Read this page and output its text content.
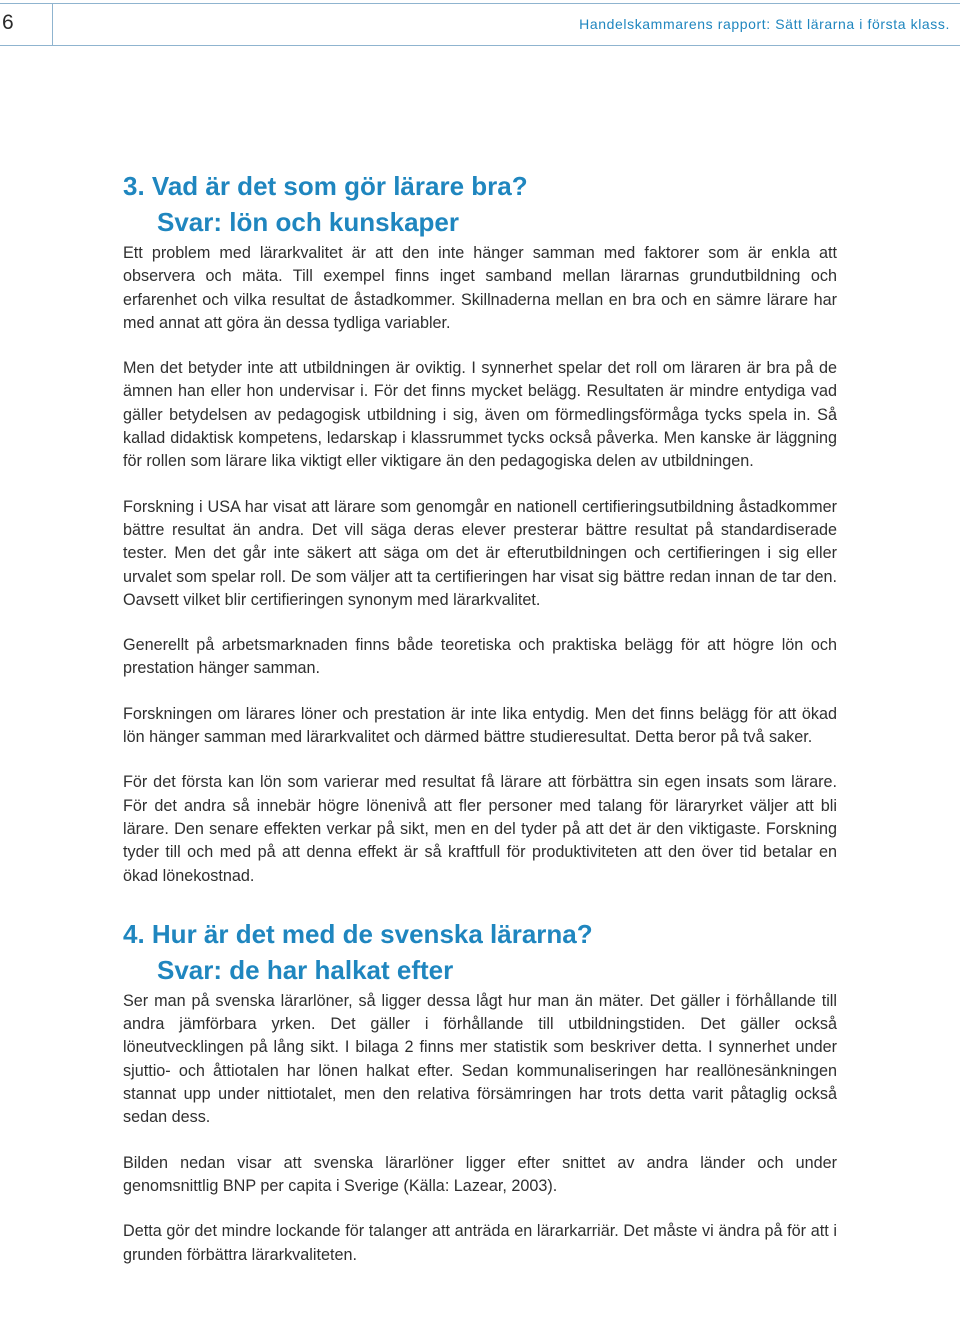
6	Handelskammarens rapport: Sätt lärarna i första klass.
3. Vad är det som gör lärare bra?
Svar: lön och kunskaper

Ett problem med lärarkvalitet är att den inte hänger samman med faktorer som är enkla att observera och mäta. Till exempel finns inget samband mellan lärarnas grundutbildning och erfarenhet och vilka resultat de åstadkommer. Skillnaderna mellan en bra och en sämre lärare har med annat att göra än dessa tydliga variabler.

Men det betyder inte att utbildningen är oviktig. I synnerhet spelar det roll om läraren är bra på de ämnen han eller hon undervisar i. För det finns mycket belägg. Resultaten är mindre entydiga vad gäller betydelsen av pedagogisk utbildning i sig, även om förmedlingsförmåga tycks spela in. Så kallad didaktisk kompetens, ledarskap i klassrummet tycks också påverka. Men kanske är läggning för rollen som lärare lika viktigt eller viktigare än den pedagogiska delen av utbildningen.

Forskning i USA har visat att lärare som genomgår en nationell certifieringsutbildning åstadkommer bättre resultat än andra. Det vill säga deras elever presterar bättre resultat på standardiserade tester. Men det går inte säkert att säga om det är efterutbildningen och certifieringen i sig eller urvalet som spelar roll. De som väljer att ta certifieringen har visat sig bättre redan innan de tar den. Oavsett vilket blir certifieringen synonym med lärarkvalitet.

Generellt på arbetsmarknaden finns både teoretiska och praktiska belägg för att högre lön och prestation hänger samman.

Forskningen om lärares löner och prestation är inte lika entydig. Men det finns belägg för att ökad lön hänger samman med lärarkvalitet och därmed bättre studieresultat. Detta beror på två saker.

För det första kan lön som varierar med resultat få lärare att förbättra sin egen insats som lärare. För det andra så innebär högre lönenivå att fler personer med talang för läraryrket väljer att bli lärare. Den senare effekten verkar på sikt, men en del tyder på att det är den viktigaste. Forskning tyder till och med på att denna effekt är så kraftfull för produktiviteten att den över tid betalar en ökad lönekostnad.

4. Hur är det med de svenska lärarna?
Svar: de har halkat efter

Ser man på svenska lärarlöner, så ligger dessa lågt hur man än mäter. Det gäller i förhållande till andra jämförbara yrken. Det gäller i förhållande till utbildningstiden. Det gäller också löneutvecklingen på lång sikt. I bilaga 2 finns mer statistik som beskriver detta. I synnerhet under sjuttio- och åttiotalen har lönen halkat efter. Sedan kommunaliseringen har reallönesänkningen stannat upp under nittiotalet, men den relativa försämringen har trots detta varit påtaglig också sedan dess.

Bilden nedan visar att svenska lärarlöner ligger efter snittet av andra länder och under genomsnittlig BNP per capita i Sverige (Källa: Lazear, 2003).

Detta gör det mindre lockande för talanger att anträda en lärarkarriär. Det måste vi ändra på för att i grunden förbättra lärarkvaliteten.
